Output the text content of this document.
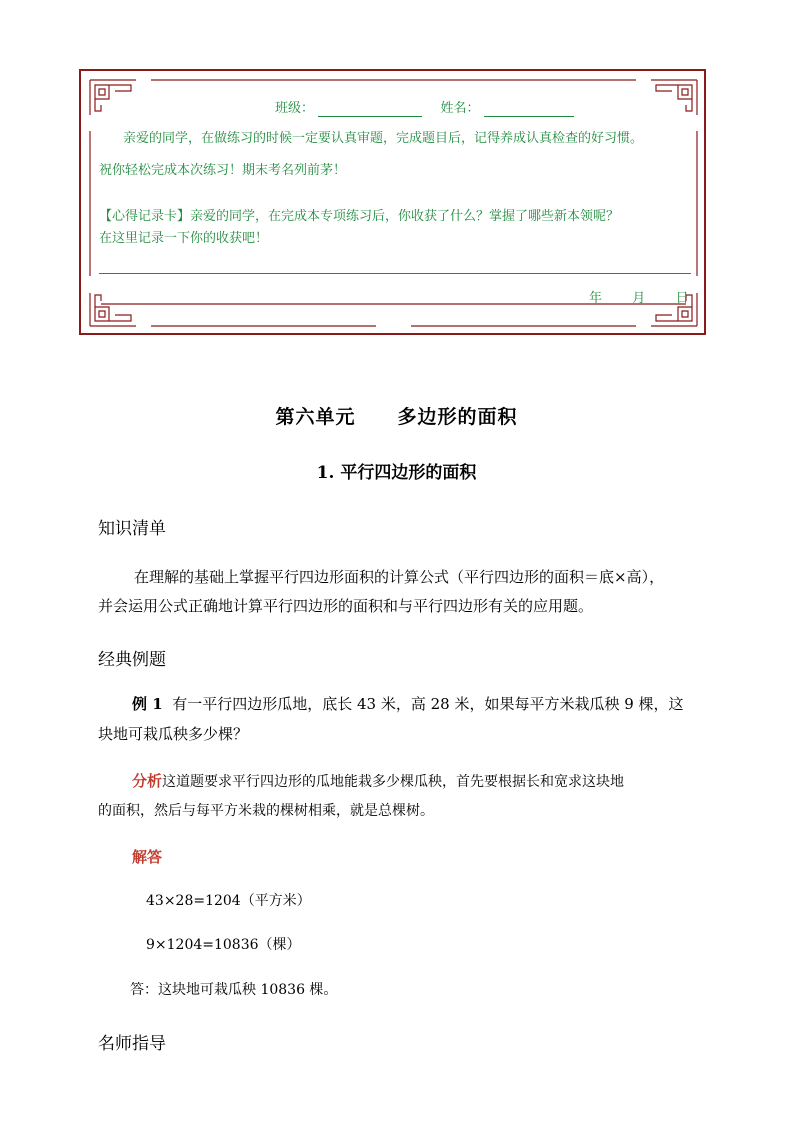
班级：	姓名：
亲爱的同学，在做练习的时候一定要认真审题，完成题目后，记得养成认真检查的好习惯。
祝你轻松完成本次练习！期末考名列前茅！
【心得记录卡】亲爱的同学，在完成本专项练习后，你收获了什么？掌握了哪些新本领呢？
在这里记录一下你的收获吧！
年 月 日
第六单元 多边形的面积
1. 平行四边形的面积
知识清单
在理解的基础上掌握平行四边形面积的计算公式（平行四边形的面积＝底×高），
并会运用公式正确地计算平行四边形的面积和与平行四边形有关的应用题。
经典例题
例 1 有一平行四边形瓜地，底长 43 米，高 28 米，如果每平方米栽瓜秧 9 棵，这
块地可栽瓜秧多少棵？
分析这道题要求平行四边形的瓜地能栽多少棵瓜秧，首先要根据长和宽求这块地
的面积，然后与每平方米栽的棵树相乘，就是总棵树。
解答
43×28=1204（平方米）
9×1204=10836（棵）
答：这块地可栽瓜秧 10836 棵。
名师指导
